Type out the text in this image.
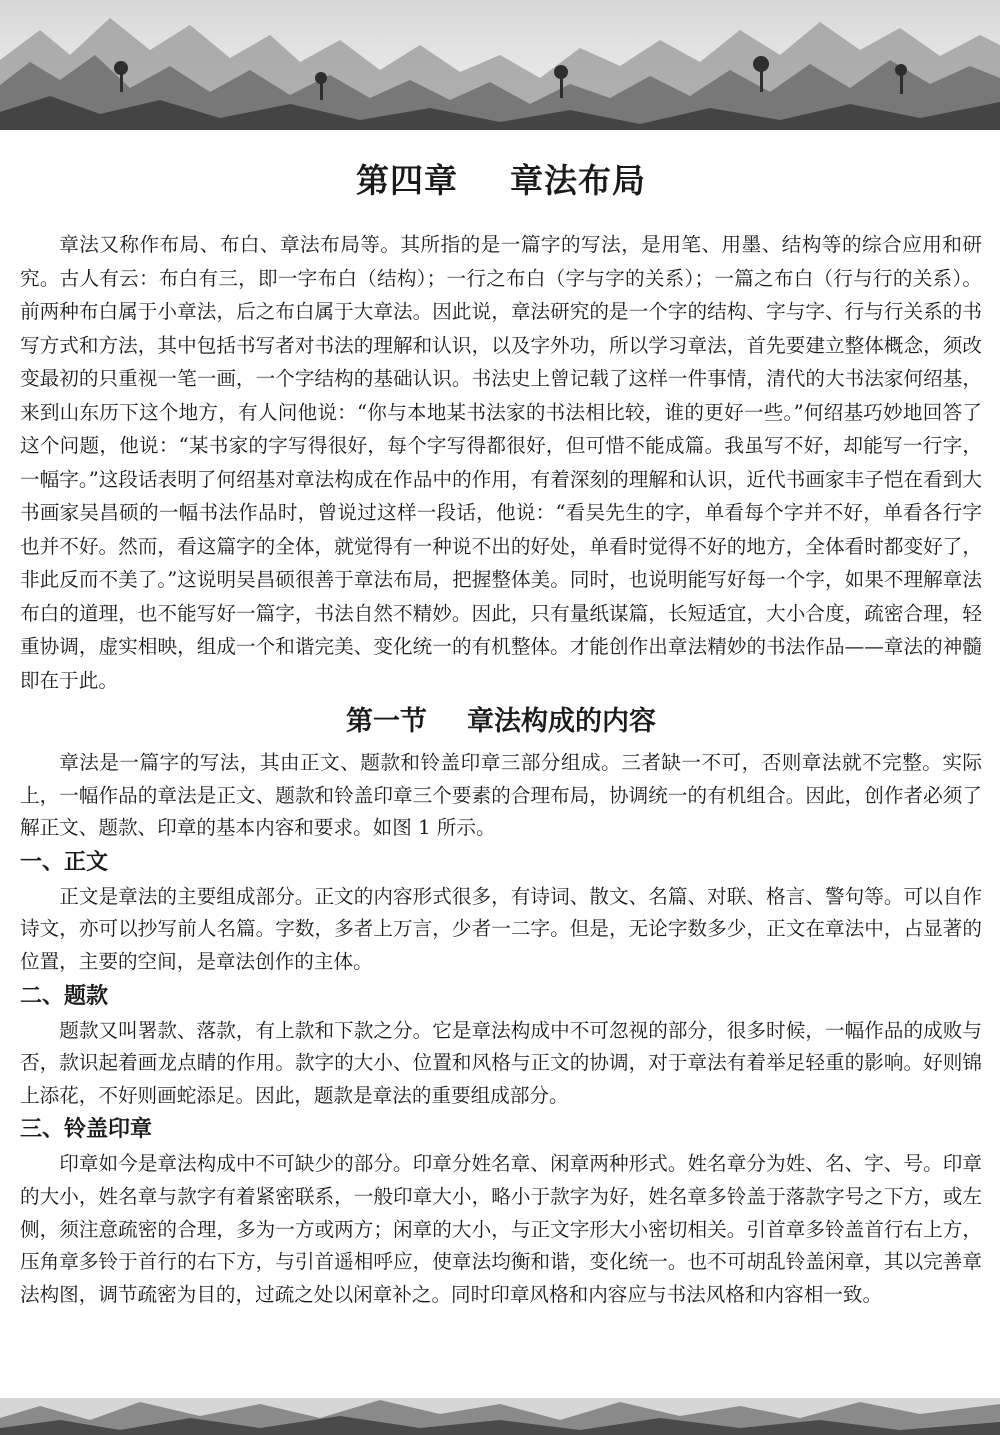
第四章 章法布局

章法又称作布局、布白、章法布局等。其所指的是一篇字的写法，是用笔、用墨、结构等的综合应用和研究。古人有云：布白有三，即一字布白（结构）；一行之布白（字与字的关系）；一篇之布白（行与行的关系）。前两种布白属于小章法，后之布白属于大章法。因此说，章法研究的是一个字的结构、字与字、行与行关系的书写方式和方法，其中包括书写者对书法的理解和认识，以及字外功，所以学习章法，首先要建立整体概念，须改变最初的只重视一笔一画，一个字结构的基础认识。书法史上曾记载了这样一件事情，清代的大书法家何绍基，来到山东历下这个地方，有人问他说：“你与本地某书法家的书法相比较，谁的更好一些。”何绍基巧妙地回答了这个问题，他说：“某书家的字写得很好，每个字写得都很好，但可惜不能成篇。我虽写不好，却能写一行字，一幅字。”这段话表明了何绍基对章法构成在作品中的作用，有着深刻的理解和认识，近代书画家丰子恺在看到大书画家吴昌硕的一幅书法作品时，曾说过这样一段话，他说：“看吴先生的字，单看每个字并不好，单看各行字也并不好。然而，看这篇字的全体，就觉得有一种说不出的好处，单看时觉得不好的地方，全体看时都变好了，非此反而不美了。”这说明吴昌硕很善于章法布局，把握整体美。同时，也说明能写好每一个字，如果不理解章法布白的道理，也不能写好一篇字，书法自然不精妙。因此，只有量纸谋篇，长短适宜，大小合度，疏密合理，轻重协调，虚实相映，组成一个和谐完美、变化统一的有机整体。才能创作出章法精妙的书法作品——章法的神髓即在于此。

第一节 章法构成的内容

章法是一篇字的写法，其由正文、题款和铃盖印章三部分组成。三者缺一不可，否则章法就不完整。实际上，一幅作品的章法是正文、题款和铃盖印章三个要素的合理布局，协调统一的有机组合。因此，创作者必须了解正文、题款、印章的基本内容和要求。如图 1 所示。

一、正文

正文是章法的主要组成部分。正文的内容形式很多，有诗词、散文、名篇、对联、格言、警句等。可以自作诗文，亦可以抄写前人名篇。字数，多者上万言，少者一二字。但是，无论字数多少，正文在章法中，占显著的位置，主要的空间，是章法创作的主体。

二、题款

题款又叫署款、落款，有上款和下款之分。它是章法构成中不可忽视的部分，很多时候，一幅作品的成败与否，款识起着画龙点睛的作用。款字的大小、位置和风格与正文的协调，对于章法有着举足轻重的影响。好则锦上添花，不好则画蛇添足。因此，题款是章法的重要组成部分。

三、铃盖印章

印章如今是章法构成中不可缺少的部分。印章分姓名章、闲章两种形式。姓名章分为姓、名、字、号。印章的大小，姓名章与款字有着紧密联系，一般印章大小，略小于款字为好，姓名章多铃盖于落款字号之下方，或左侧，须注意疏密的合理，多为一方或两方；闲章的大小，与正文字形大小密切相关。引首章多铃盖首行右上方，压角章多铃于首行的右下方，与引首遥相呼应，使章法均衡和谐，变化统一。也不可胡乱铃盖闲章，其以完善章法构图，调节疏密为目的，过疏之处以闲章补之。同时印章风格和内容应与书法风格和内容相一致。
